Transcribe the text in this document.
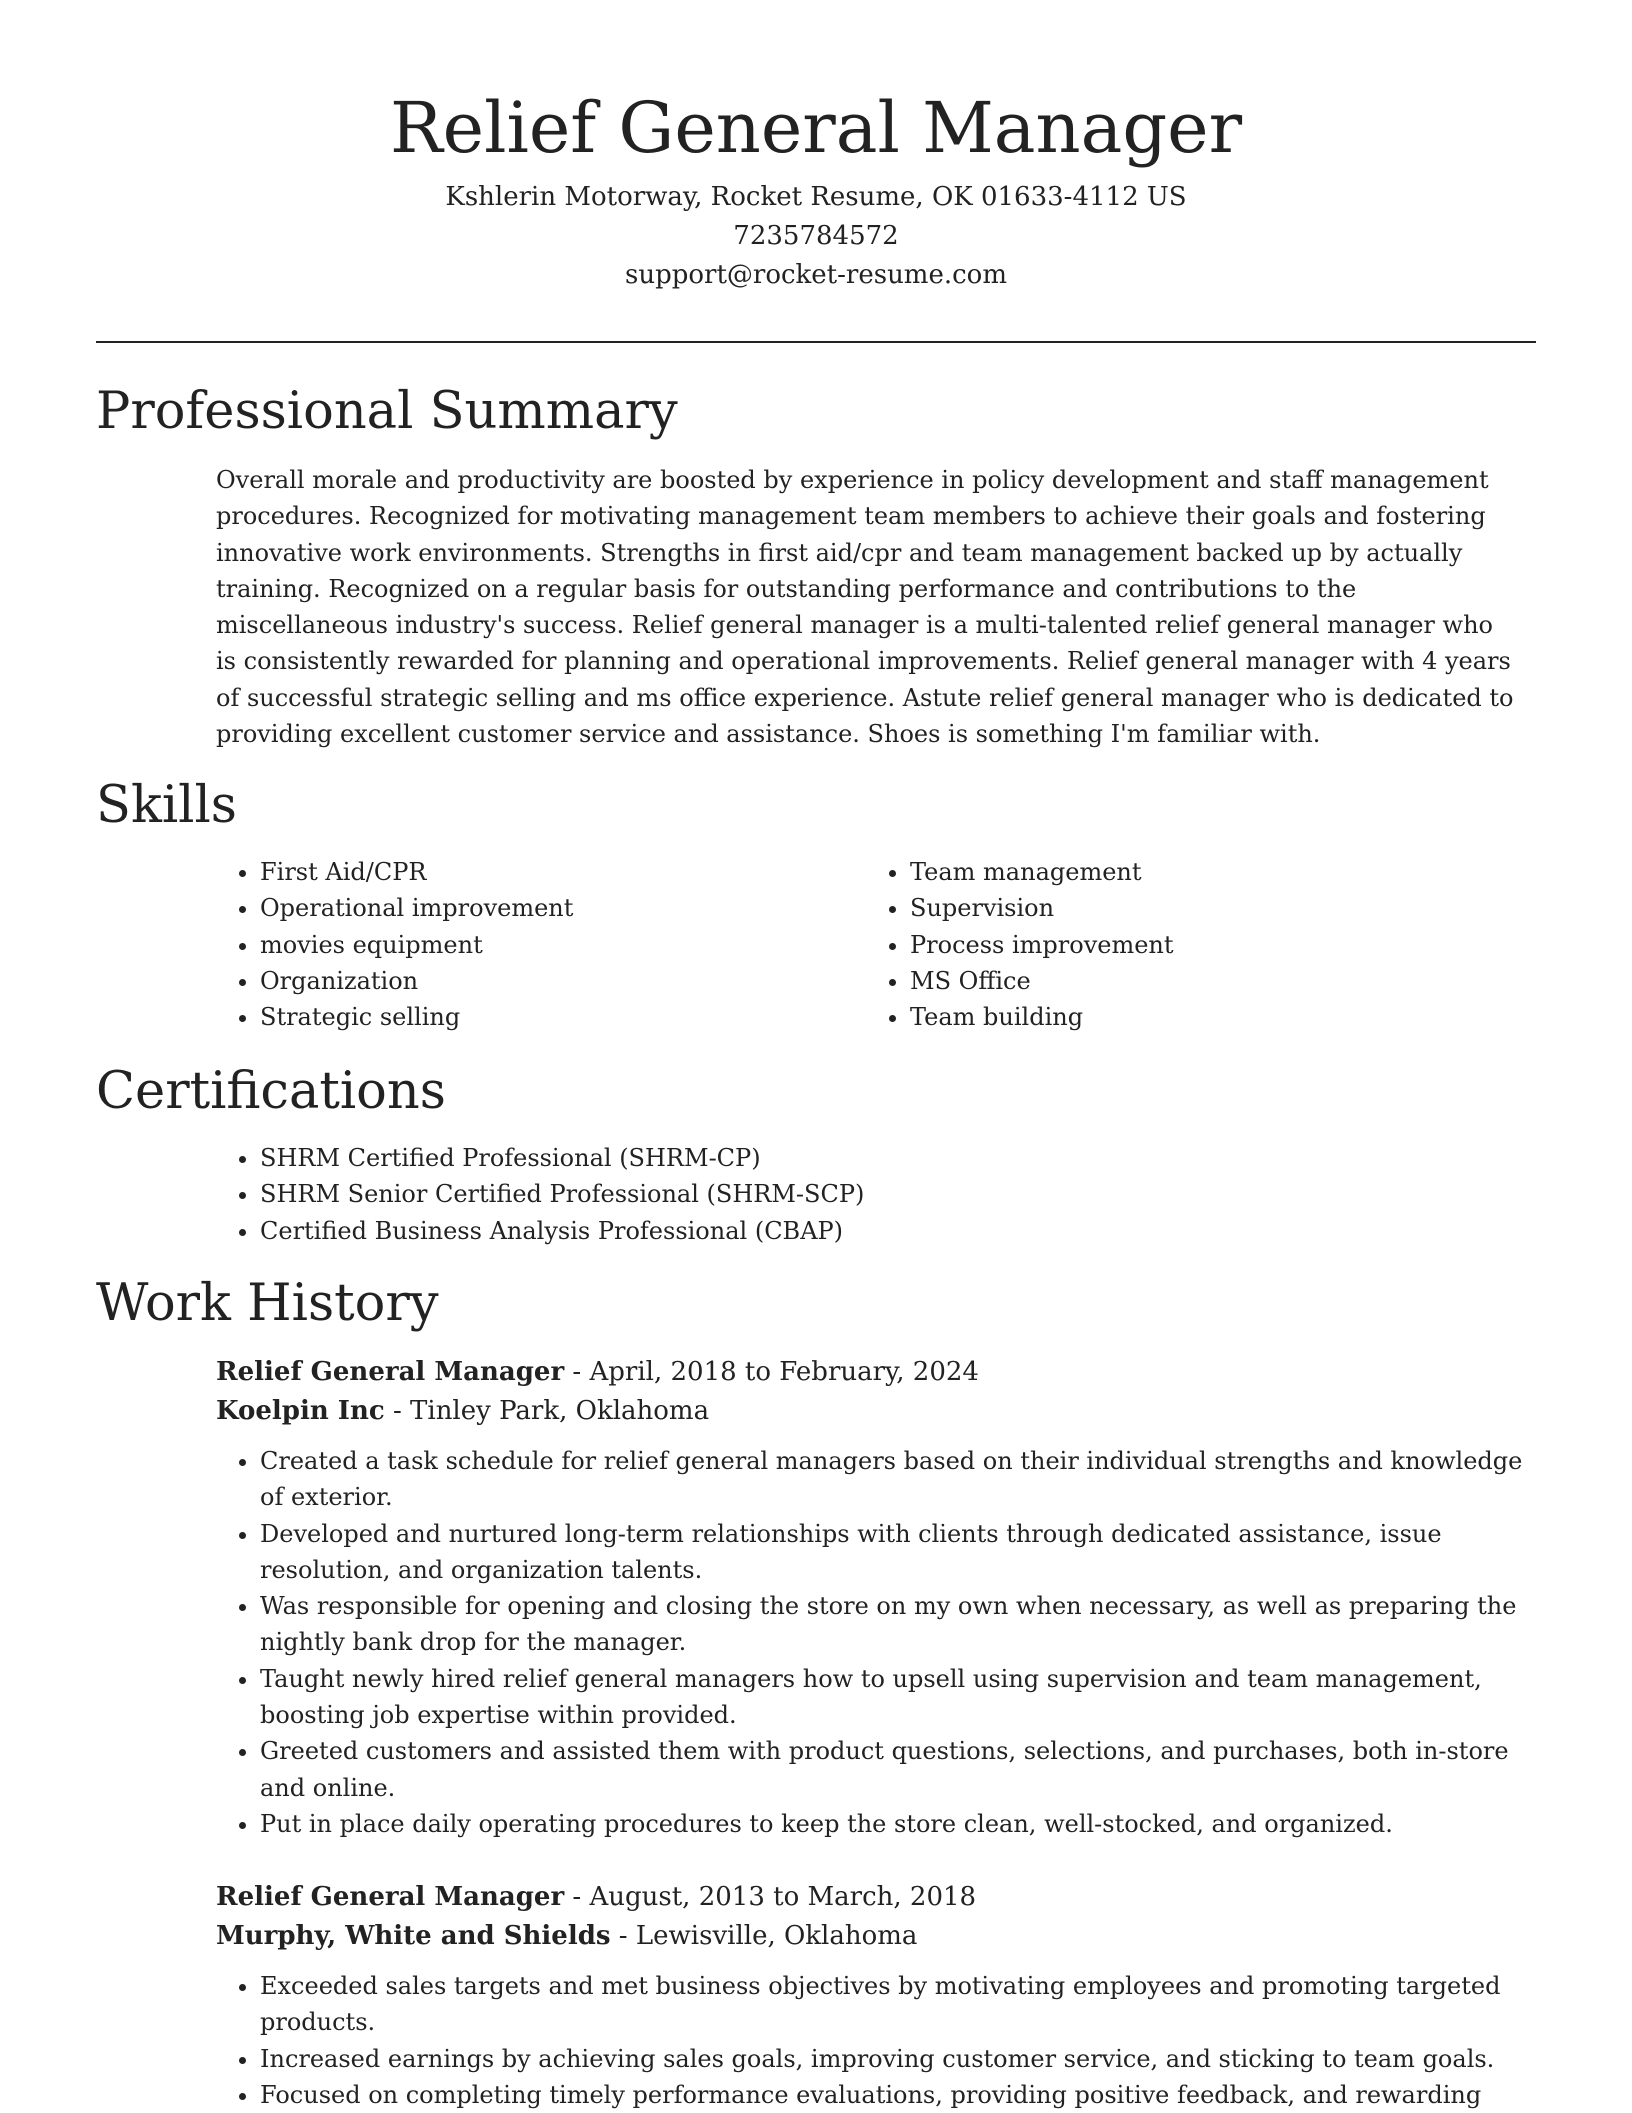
Relief General Manager

Kshlerin Motorway, Rocket Resume, OK 01633-4112 US

7235784572

support@rocket-resume.com

Professional Summary

Overall morale and productivity are boosted by experience in policy development and staff management procedures. Recognized for motivating management team members to achieve their goals and fostering innovative work environments. Strengths in first aid/cpr and team management backed up by actually training. Recognized on a regular basis for outstanding performance and contributions to the miscellaneous industry's success. Relief general manager is a multi-talented relief general manager who is consistently rewarded for planning and operational improvements. Relief general manager with 4 years of successful strategic selling and ms office experience. Astute relief general manager who is dedicated to providing excellent customer service and assistance. Shoes is something I'm familiar with.

Skills
• First Aid/CPR
• Operational improvement
• movies equipment
• Organization
• Strategic selling
• Team management
• Supervision
• Process improvement
• MS Office
• Team building
Certifications
• SHRM Certified Professional (SHRM-CP)
• SHRM Senior Certified Professional (SHRM-SCP)
• Certified Business Analysis Professional (CBAP)
Work History

Relief General Manager - April, 2018 to February, 2024

Koelpin Inc - Tinley Park, Oklahoma

• Created a task schedule for relief general managers based on their individual strengths and knowledge of exterior.
• Developed and nurtured long-term relationships with clients through dedicated assistance, issue resolution, and organization talents.
• Was responsible for opening and closing the store on my own when necessary, as well as preparing the nightly bank drop for the manager.
• Taught newly hired relief general managers how to upsell using supervision and team management, boosting job expertise within provided.
• Greeted customers and assisted them with product questions, selections, and purchases, both in-store and online.
• Put in place daily operating procedures to keep the store clean, well-stocked, and organized.

Relief General Manager - August, 2013 to March, 2018

Murphy, White and Shields - Lewisville, Oklahoma

• Exceeded sales targets and met business objectives by motivating employees and promoting targeted products.
• Increased earnings by achieving sales goals, improving customer service, and sticking to team goals.
• Focused on completing timely performance evaluations, providing positive feedback, and rewarding
